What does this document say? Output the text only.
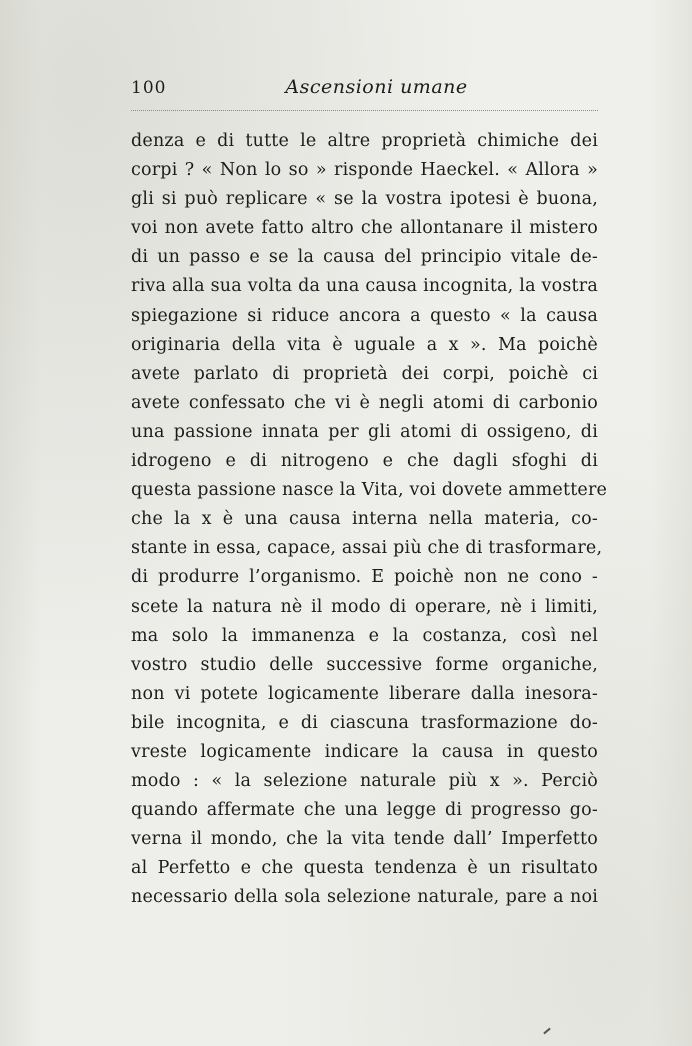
100	Ascensioni umane
denza e di tutte le altre proprietà chimiche dei
corpi ? « Non lo so » risponde Haeckel. « Allora »
gli si può replicare « se la vostra ipotesi è buona,
voi non avete fatto altro che allontanare il mistero
di un passo e se la causa del principio vitale de-
riva alla sua volta da una causa incognita, la vostra
spiegazione si riduce ancora a questo « la causa
originaria della vita è uguale a x ». Ma poichè
avete parlato di proprietà dei corpi, poichè ci
avete confessato che vi è negli atomi di carbonio
una passione innata per gli atomi di ossigeno, di
idrogeno e di nitrogeno e che dagli sfoghi di
questa passione nasce la Vita, voi dovete ammettere
che la x è una causa interna nella materia, co-
stante in essa, capace, assai più che di trasformare,
di produrre l’organismo. E poichè non ne cono -
scete la natura nè il modo di operare, nè i limiti,
ma solo la immanenza e la costanza, così nel
vostro studio delle successive forme organiche,
non vi potete logicamente liberare dalla inesora-
bile incognita, e di ciascuna trasformazione do-
vreste logicamente indicare la causa in questo
modo : « la selezione naturale più x ». Perciò
quando affermate che una legge di progresso go-
verna il mondo, che la vita tende dall’ Imperfetto
al Perfetto e che questa tendenza è un risultato
necessario della sola selezione naturale, pare a noi
